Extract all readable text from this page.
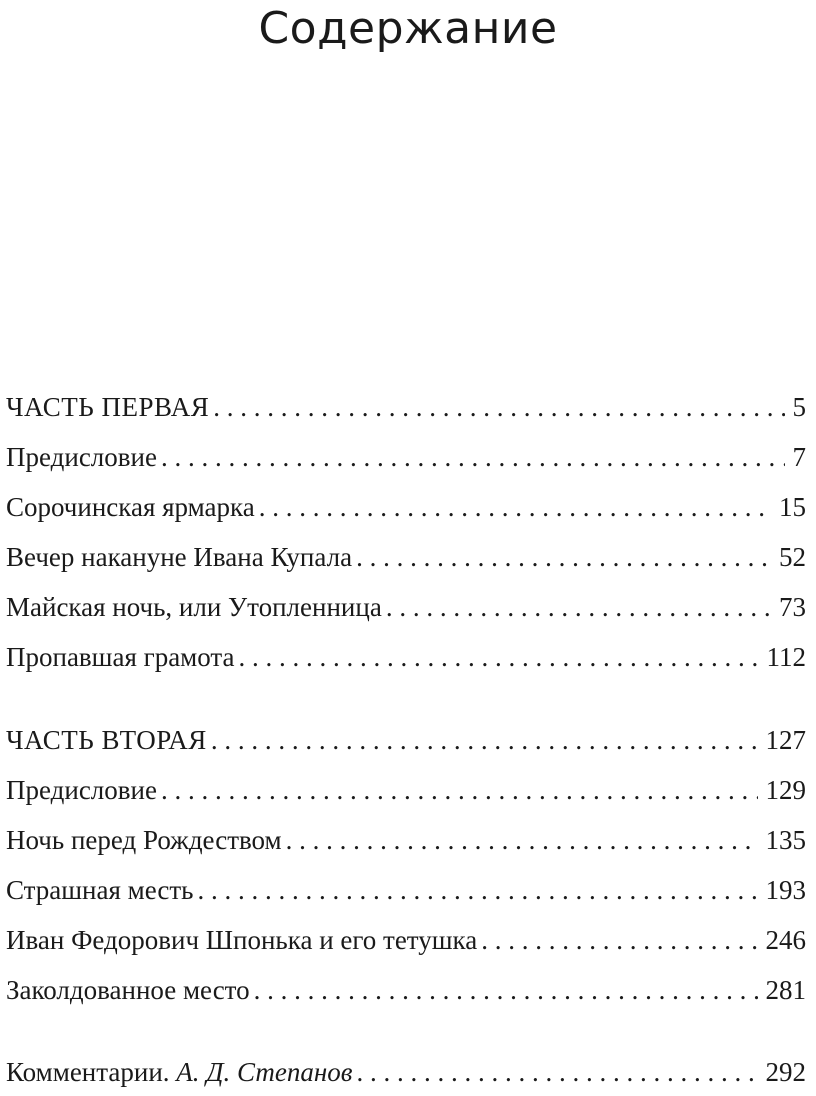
Содержание
ЧАСТЬ ПЕРВАЯ . . .	5
Предисловие . . .	7
Сорочинская ярмарка . . .	15
Вечер накануне Ивана Купала . . .	52
Майская ночь, или Утопленница . . .	73
Пропавшая грамота . . .	112
ЧАСТЬ ВТОРАЯ . . .	127
Предисловие . . .	129
Ночь перед Рождеством . . .	135
Страшная месть . . .	193
Иван Федорович Шпонька и его тетушка . . .	246
Заколдованное место . . .	281
Комментарии. А. Д. Степанов . . .	292
